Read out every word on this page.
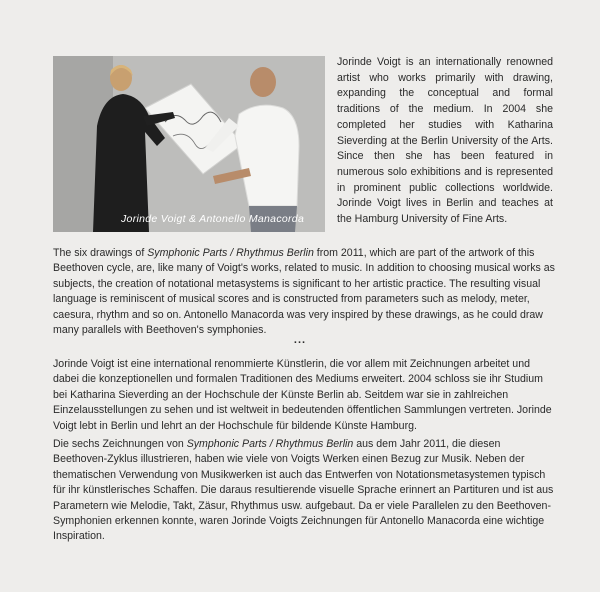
Jorinde Voigt & Antonello Manacorda

Jorinde Voigt is an internationally renowned artist who works primarily with drawing, expanding the conceptual and formal traditions of the medium. In 2004 she completed her studies with Katharina Sieverding at the Berlin University of the Arts. Since then she has been featured in numerous solo exhibitions and is represented in prominent public collections worldwide. Jorinde Voigt lives in Berlin and teaches at the Hamburg University of Fine Arts.

The six drawings of Symphonic Parts / Rhythmus Berlin from 2011, which are part of the artwork of this Beethoven cycle, are, like many of Voigt's works, related to music. In addition to choosing musical works as subjects, the creation of notational metasystems is significant to her artistic practice. The resulting visual language is reminiscent of musical scores and is constructed from parameters such as melody, meter, caesura, rhythm and so on. Antonello Manacorda was very inspired by these drawings, as he could draw many parallels with Beethoven's symphonies.

...

Jorinde Voigt ist eine international renommierte Künstlerin, die vor allem mit Zeichnungen arbeitet und dabei die konzeptionellen und formalen Traditionen des Mediums erweitert. 2004 schloss sie ihr Studium bei Katharina Sieverding an der Hochschule der Künste Berlin ab. Seitdem war sie in zahlreichen Einzelausstellungen zu sehen und ist weltweit in bedeutenden öffentlichen Sammlungen vertreten. Jorinde Voigt lebt in Berlin und lehrt an der Hochschule für bildende Künste Hamburg.

Die sechs Zeichnungen von Symphonic Parts / Rhythmus Berlin aus dem Jahr 2011, die diesen Beethoven-Zyklus illustrieren, haben wie viele von Voigts Werken einen Bezug zur Musik. Neben der thematischen Verwendung von Musikwerken ist auch das Entwerfen von Notationsmetasystemen typisch für ihr künstlerisches Schaffen. Die daraus resultierende visuelle Sprache erinnert an Partituren und ist aus Parametern wie Melodie, Takt, Zäsur, Rhythmus usw. aufgebaut. Da er viele Parallelen zu den Beethoven-Symphonien erkennen konnte, waren Jorinde Voigts Zeichnungen für Antonello Manacorda eine wichtige Inspiration.
